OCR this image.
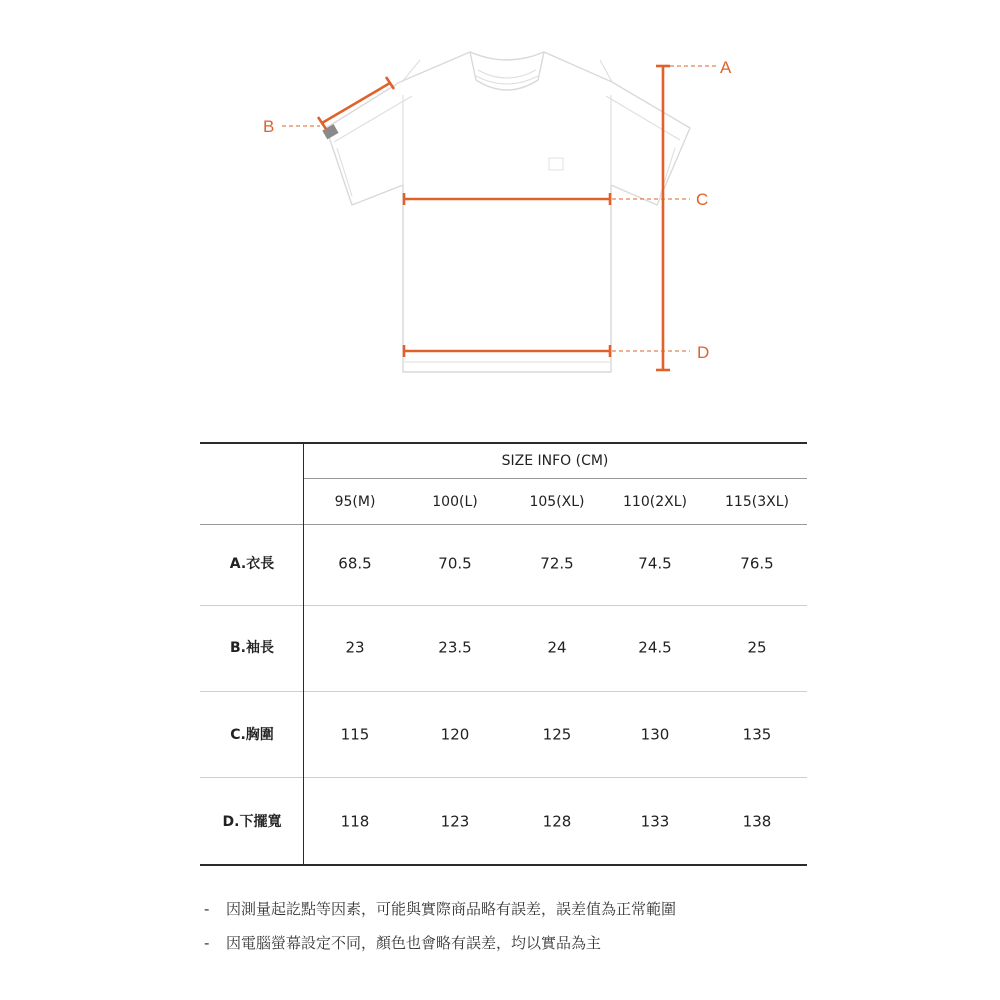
A
B
C
D
SIZE INFO (CM)
95(M)	100(L)	105(XL)	110(2XL)	115(3XL)
A.衣長	68.5	70.5	72.5	74.5	76.5
B.袖長	23	23.5	24	24.5	25
C.胸圍	115	120	125	130	135
D.下擺寬	118	123	128	133	138
- 因測量起訖點等因素，可能與實際商品略有誤差，誤差值為正常範圍
- 因電腦螢幕設定不同，顏色也會略有誤差，均以實品為主
